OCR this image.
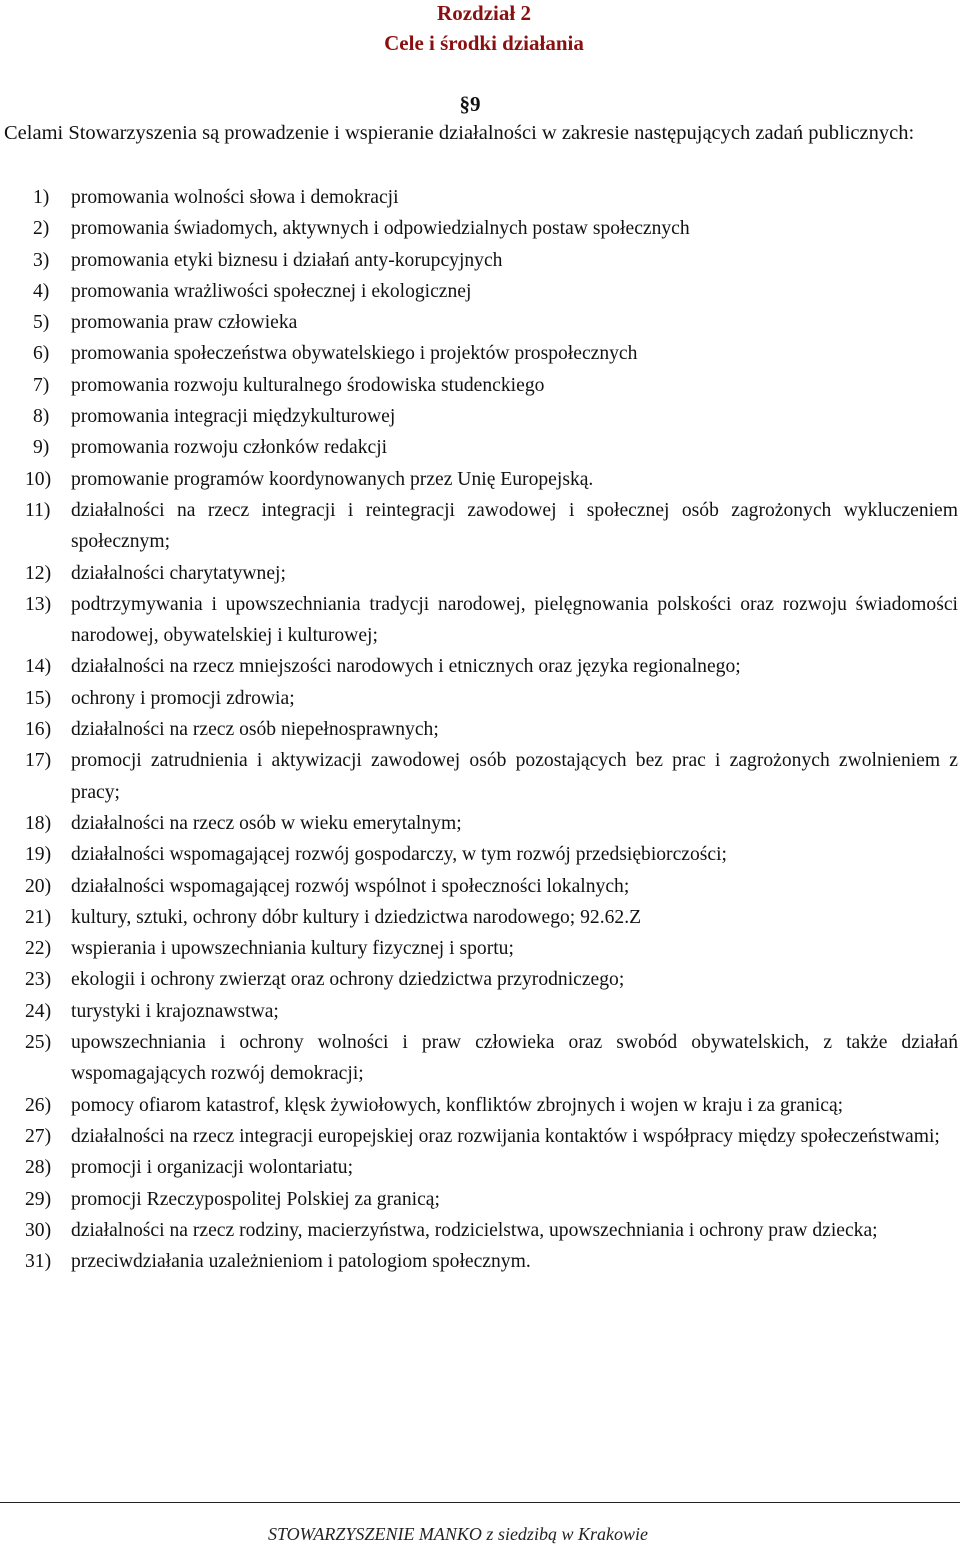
Rozdział 2
Cele i środki działania
§9
Celami Stowarzyszenia są prowadzenie i wspieranie działalności w zakresie następujących zadań publicznych:
1)	promowania wolności słowa i demokracji
2)	promowania świadomych, aktywnych i odpowiedzialnych postaw społecznych
3)	promowania etyki biznesu i działań anty-korupcyjnych
4)	promowania wrażliwości społecznej i ekologicznej
5)	promowania praw człowieka
6)	promowania społeczeństwa obywatelskiego i projektów prospołecznych
7)	promowania rozwoju kulturalnego środowiska studenckiego
8)	promowania integracji międzykulturowej
9)	promowania rozwoju członków redakcji
10)	promowanie programów koordynowanych przez Unię Europejską.
11)	działalności na rzecz integracji i reintegracji zawodowej i społecznej osób zagrożonych wykluczeniem społecznym;
12)	działalności charytatywnej;
13)	podtrzymywania i upowszechniania tradycji narodowej, pielęgnowania polskości oraz rozwoju świadomości narodowej, obywatelskiej i kulturowej;
14)	działalności na rzecz mniejszości narodowych i etnicznych oraz języka regionalnego;
15)	ochrony i promocji zdrowia;
16)	działalności na rzecz osób niepełnosprawnych;
17)	promocji zatrudnienia i aktywizacji zawodowej osób pozostających bez prac i zagrożonych zwolnieniem z pracy;
18)	działalności na rzecz osób w wieku emerytalnym;
19)	działalności wspomagającej rozwój gospodarczy, w tym rozwój przedsiębiorczości;
20)	działalności wspomagającej rozwój wspólnot i społeczności lokalnych;
21)	kultury, sztuki, ochrony dóbr kultury i dziedzictwa narodowego; 92.62.Z
22)	wspierania i upowszechniania kultury fizycznej i sportu;
23)	ekologii i ochrony zwierząt oraz ochrony dziedzictwa przyrodniczego;
24)	turystyki i krajoznawstwa;
25)	upowszechniania i ochrony wolności i praw człowieka oraz swobód obywatelskich, z także działań wspomagających rozwój demokracji;
26)	pomocy ofiarom katastrof, klęsk żywiołowych, konfliktów zbrojnych i wojen w kraju i za granicą;
27)	działalności na rzecz integracji europejskiej oraz rozwijania kontaktów i współpracy między społeczeństwami;
28)	promocji i organizacji wolontariatu;
29)	promocji Rzeczypospolitej Polskiej za granicą;
30)	działalności na rzecz rodziny, macierzyństwa, rodzicielstwa, upowszechniania i ochrony praw dziecka;
31)	przeciwdziałania uzależnieniom i patologiom społecznym.
STOWARZYSZENIE MANKO z siedzibą w Krakowie
